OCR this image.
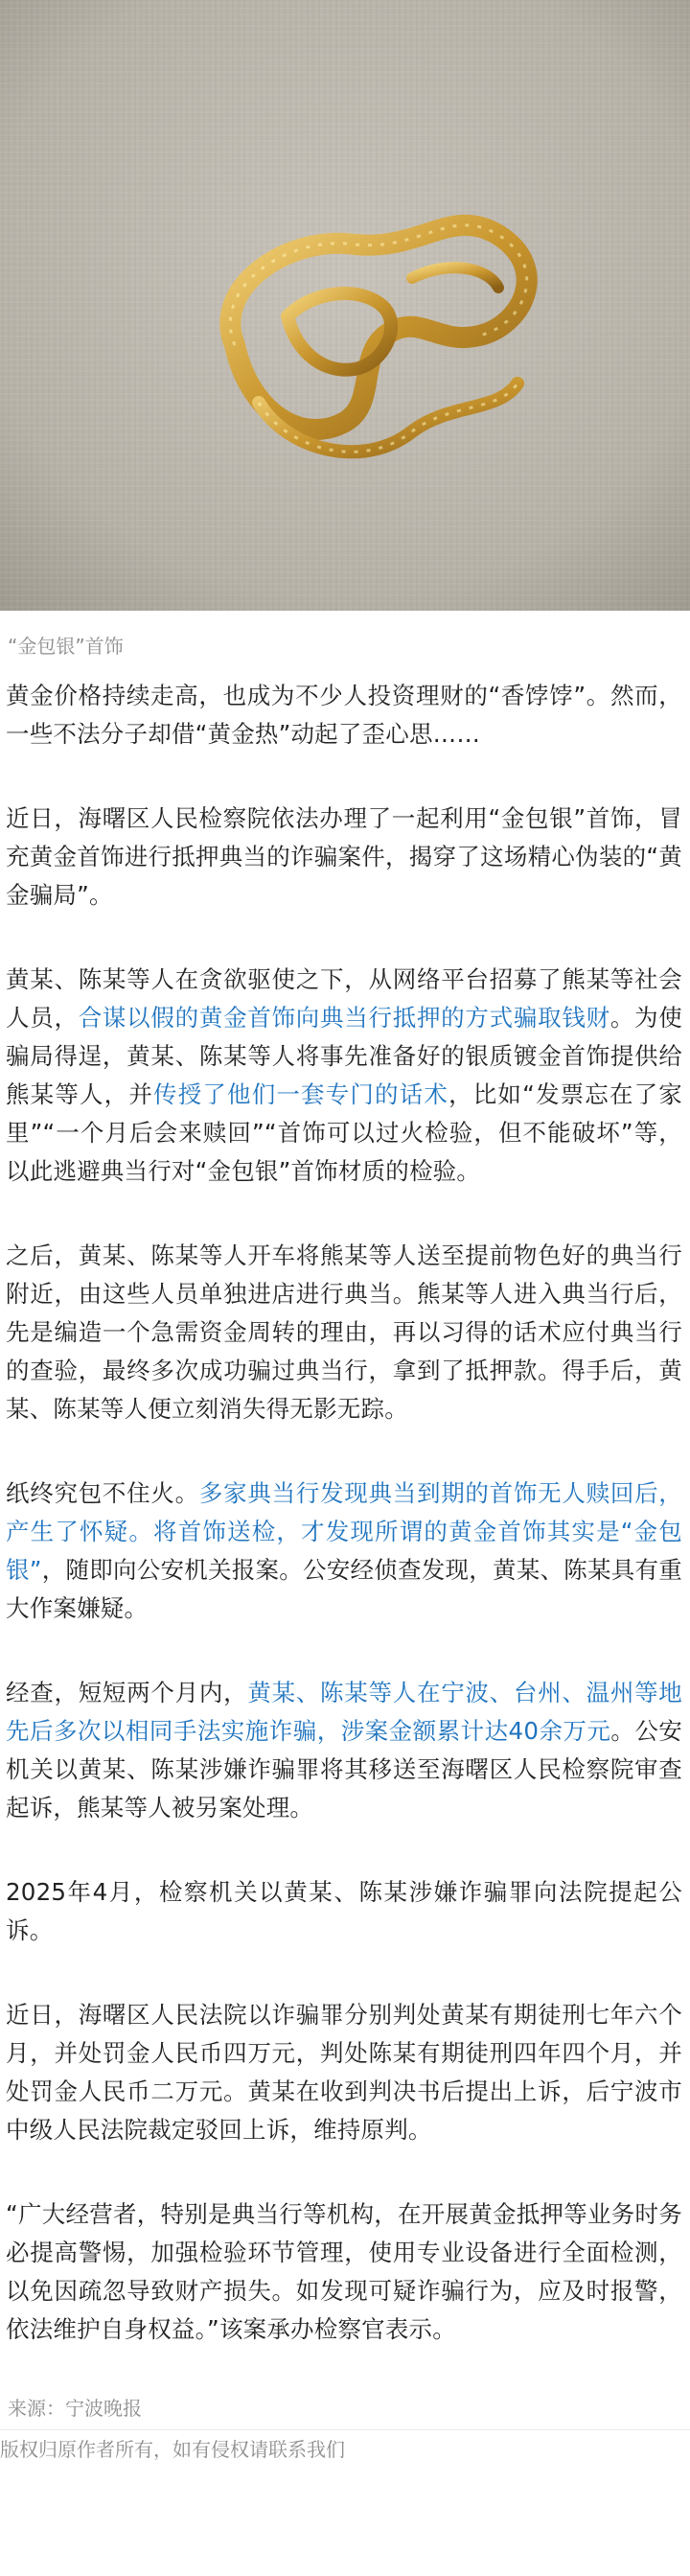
“金包银”首饰

黄金价格持续走高，也成为不少人投资理财的“香饽饽”。然而，一些不法分子却借“黄金热”动起了歪心思……

近日，海曙区人民检察院依法办理了一起利用“金包银”首饰，冒充黄金首饰进行抵押典当的诈骗案件，揭穿了这场精心伪装的“黄金骗局”。

黄某、陈某等人在贪欲驱使之下，从网络平台招募了熊某等社会人员，合谋以假的黄金首饰向典当行抵押的方式骗取钱财。为使骗局得逞，黄某、陈某等人将事先准备好的银质镀金首饰提供给熊某等人，并传授了他们一套专门的话术，比如“发票忘在了家里”“一个月后会来赎回”“首饰可以过火检验，但不能破坏”等，以此逃避典当行对“金包银”首饰材质的检验。

之后，黄某、陈某等人开车将熊某等人送至提前物色好的典当行附近，由这些人员单独进店进行典当。熊某等人进入典当行后，先是编造一个急需资金周转的理由，再以习得的话术应付典当行的查验，最终多次成功骗过典当行，拿到了抵押款。得手后，黄某、陈某等人便立刻消失得无影无踪。

纸终究包不住火。多家典当行发现典当到期的首饰无人赎回后，产生了怀疑。将首饰送检，才发现所谓的黄金首饰其实是“金包银”，随即向公安机关报案。公安经侦查发现，黄某、陈某具有重大作案嫌疑。

经查，短短两个月内，黄某、陈某等人在宁波、台州、温州等地先后多次以相同手法实施诈骗，涉案金额累计达40余万元。公安机关以黄某、陈某涉嫌诈骗罪将其移送至海曙区人民检察院审查起诉，熊某等人被另案处理。

2025年4月，检察机关以黄某、陈某涉嫌诈骗罪向法院提起公诉。

近日，海曙区人民法院以诈骗罪分别判处黄某有期徒刑七年六个月，并处罚金人民币四万元，判处陈某有期徒刑四年四个月，并处罚金人民币二万元。黄某在收到判决书后提出上诉，后宁波市中级人民法院裁定驳回上诉，维持原判。

“广大经营者，特别是典当行等机构，在开展黄金抵押等业务时务必提高警惕，加强检验环节管理，使用专业设备进行全面检测，以免因疏忽导致财产损失。如发现可疑诈骗行为，应及时报警，依法维护自身权益。”该案承办检察官表示。

来源：宁波晚报
版权归原作者所有，如有侵权请联系我们
